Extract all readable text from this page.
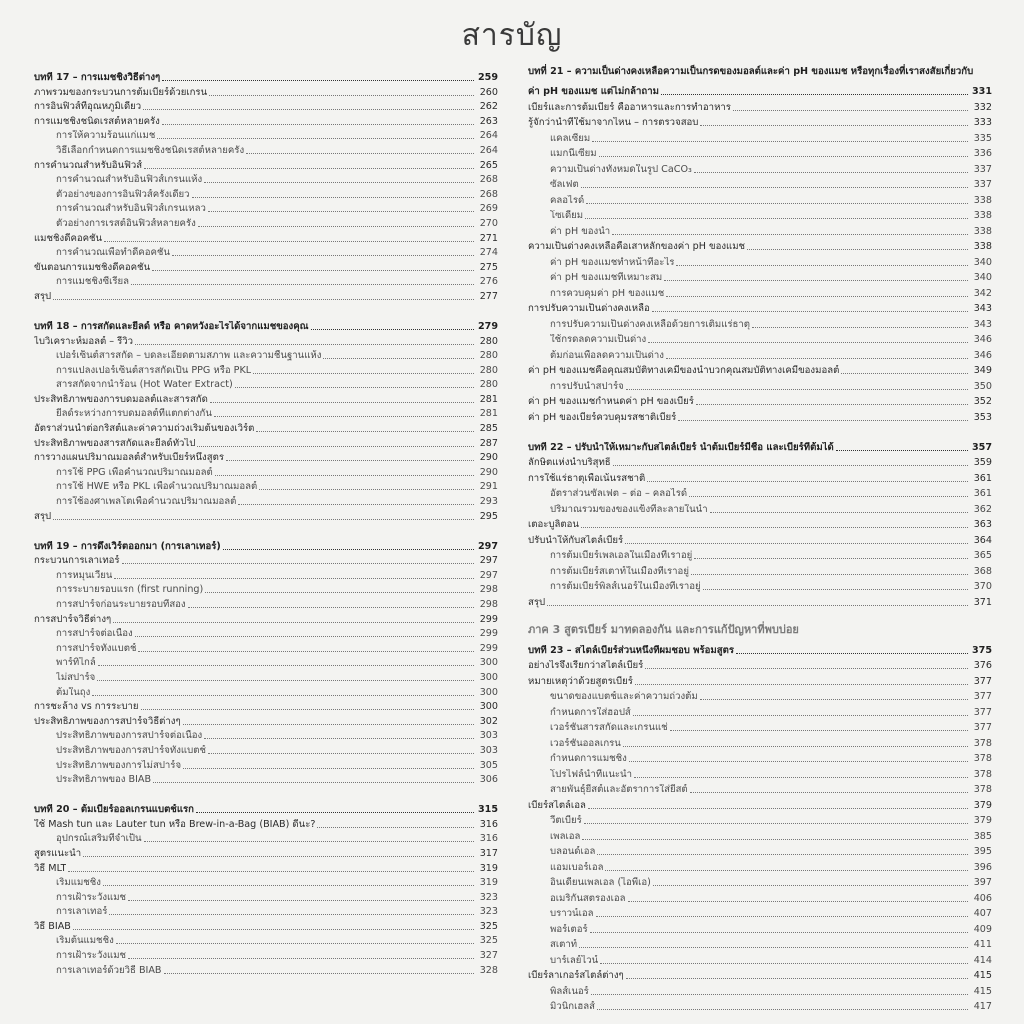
สารบัญ
บทที่ 17 – การแมชชิงวิธีต่างๆ	259
ภาพรวมของกระบวนการต้มเบียร์ด้วยเกรน	260
การอินฟิวส์ที่อุณหภูมิเดียว	262
การแมชชิงชนิดเรสต์หลายครั้ง	263
การให้ความร้อนแก่แมช	264
วิธีเลือกกำหนดการแมชชิงชนิดเรสต์หลายครั้ง	264
การคำนวณสำหรับอินฟิวส์	265
การคำนวณสำหรับอินฟิวส์เกรนแห้ง	268
ตัวอย่างของการอินฟิวส์ครั้งเดียว	268
การคำนวณสำหรับอินฟิวส์เกรนเหลว	269
ตัวอย่างการเรสต์อินฟิวส์หลายครั้ง	270
แมชชิงดีคอคชัน	271
การคำนวณเพื่อทำดีคอคชัน	274
ขั้นตอนการแมชชิงดีคอคชัน	275
การแมชชิงซีเรียล	276
สรุป	277
บทที่ 18 – การสกัดและยีลด์ หรือ คาดหวังอะไรได้จากแมชของคุณ	279
ไบวิเคราะห์มอลต์ – รีวิว	280
เปอร์เซ็นต์สารสกัด – บดละเอียดตามสภาพ และความชื้นฐานแห้ง	280
การแปลงเปอร์เซ็นต์สารสกัดเป็น PPG หรือ PKL	280
สารสกัดจากน้ำร้อน (Hot Water Extract)	280
ประสิทธิภาพของการบดมอลต์และสารสกัด	281
ยีลด์ระหว่างการบดมอลต์ที่แตกต่างกัน	281
อัตราส่วนน้ำต่อกริสต์และค่าความถ่วงเริ่มต้นของเวิร์ต	285
ประสิทธิภาพของสารสกัดและยีลด์ทั่วไป	287
การวางแผนปริมาณมอลต์สำหรับเบียร์หนึ่งสูตร	290
การใช้ PPG เพื่อคำนวณปริมาณมอลต์	290
การใช้ HWE หรือ PKL เพื่อคำนวณปริมาณมอลต์	291
การใช้องศาเพลโตเพื่อคำนวณปริมาณมอลต์	293
สรุป	295
บทที่ 19 – การดึงเวิร์ตออกมา (การเลาเทอร์)	297
กระบวนการเลาเทอร์	297
การหมุนเวียน	297
การระบายรอบแรก (first running)	298
การสปาร์จก่อนระบายรอบที่สอง	298
การสปาร์จวิธีต่างๆ	299
การสปาร์จต่อเนื่อง	299
การสปาร์จทั้งแบตช์	299
พาร์ทิไกล์	300
ไม่สปาร์จ	300
ต้มในถุง	300
การชะล้าง vs การระบาย	300
ประสิทธิภาพของการสปาร์จวิธีต่างๆ	302
ประสิทธิภาพของการสปาร์จต่อเนื่อง	303
ประสิทธิภาพของการสปาร์จทั้งแบตช์	303
ประสิทธิภาพของการไม่สปาร์จ	305
ประสิทธิภาพของ BIAB	306
บทที่ 20 – ต้มเบียร์ออลเกรนแบตช์แรก	315
ใช้ Mash tun และ Lauter tun หรือ Brew-in-a-Bag (BIAB) ดีนะ?	316
อุปกรณ์เสริมที่จำเป็น	316
สูตรแนะนำ	317
วิธี MLT	319
เริ่มแมชชิง	319
การเฝ้าระวังแมช	323
การเลาเทอร์	323
วิธี BIAB	325
เริ่มต้นแมชชิง	325
การเฝ้าระวังแมช	327
การเลาเทอร์ด้วยวิธี BIAB	328
บทที่ 21 – ความเป็นด่างคงเหลือความเป็นกรดของมอลต์และค่า pH ของแมช หรือทุกเรื่องที่เราสงสัยเกี่ยวกับ
ค่า pH ของแมช แต่ไม่กล้าถาม	331
เบียร์และการต้มเบียร์ คืออาหารและการทำอาหาร	332
รู้จักว่าน้ำที่ใช้มาจากไหน – การตรวจสอบ	333
แคลเซียม	335
แมกนีเซียม	336
ความเป็นด่างทั้งหมดในรูป CaCO₃	337
ซัลเฟต	337
คลอไรด์	338
โซเดียม	338
ค่า pH ของน้ำ	338
ความเป็นด่างคงเหลือคือเสาหลักของค่า pH ของแมช	338
ค่า pH ของแมชทำหน้าที่อะไร	340
ค่า pH ของแมชที่เหมาะสม	340
การควบคุมค่า pH ของแมช	342
การปรับความเป็นด่างคงเหลือ	343
การปรับความเป็นด่างคงเหลือด้วยการเติมแร่ธาตุ	343
ใช้กรดลดความเป็นด่าง	346
ต้มก่อนเพื่อลดความเป็นด่าง	346
ค่า pH ของแมชคือคุณสมบัติทางเคมีของน้ำบวกคุณสมบัติทางเคมีของมอลต์	349
การปรับน้ำสปาร์จ	350
ค่า pH ของแมชกำหนดค่า pH ของเบียร์	352
ค่า pH ของเบียร์ควบคุมรสชาติเบียร์	353
บทที่ 22 – ปรับน้ำให้เหมาะกับสไตล์เบียร์ น้ำต้มเบียร์มีชื่อ และเบียร์ที่ต้มได้	357
ลักษิตแห่งน้ำบริสุทธิ์	359
การใช้แร่ธาตุเพื่อเน้นรสชาติ	361
อัตราส่วนซัลเฟต – ต่อ – คลอไรด์	361
ปริมาณรวมของของแข็งที่ละลายในน้ำ	362
เตอะบูลิตอน	363
ปรับน้ำให้กับสไตล์เบียร์	364
การต้มเบียร์เพลเอลในเมืองที่เราอยู่	365
การต้มเบียร์สเตาท์ในเมืองที่เราอยู่	368
การต้มเบียร์พิลส์เนอร์ในเมืองที่เราอยู่	370
สรุป	371
ภาค 3 สูตรเบียร์ มาทดลองกัน และการแก้ปัญหาที่พบบ่อย
บทที่ 23 – สไตล์เบียร์ส่วนหนึ่งที่ผมชอบ พร้อมสูตร	375
อย่างไรจึงเรียกว่าสไตล์เบียร์	376
หมายเหตุว่าด้วยสูตรเบียร์	377
ขนาดของแบตช์และค่าความถ่วงต้ม	377
กำหนดการใส่ฮอปส์	377
เวอร์ชันสารสกัดและเกรนแช่	377
เวอร์ชันออลเกรน	378
กำหนดการแมชชิง	378
โปรไฟล์น้ำที่แนะนำ	378
สายพันธุ์ยีสต์และอัตราการใส่ยีสต์	378
เบียร์สไตล์เอล	379
วีตเบียร์	379
เพลเอล	385
บลอนด์เอล	395
แอมเบอร์เอล	396
อินเดียนเพลเอล (ไอพีเอ)	397
อเมริกันสตรองเอล	406
บราวน์เอล	407
พอร์เตอร์	409
สเตาท์	411
บาร์เลย์ไวน์	414
เบียร์ลาเกอร์สไตล์ต่างๆ	415
พิลส์เนอร์	415
มิวนิกเฮลส์	417
